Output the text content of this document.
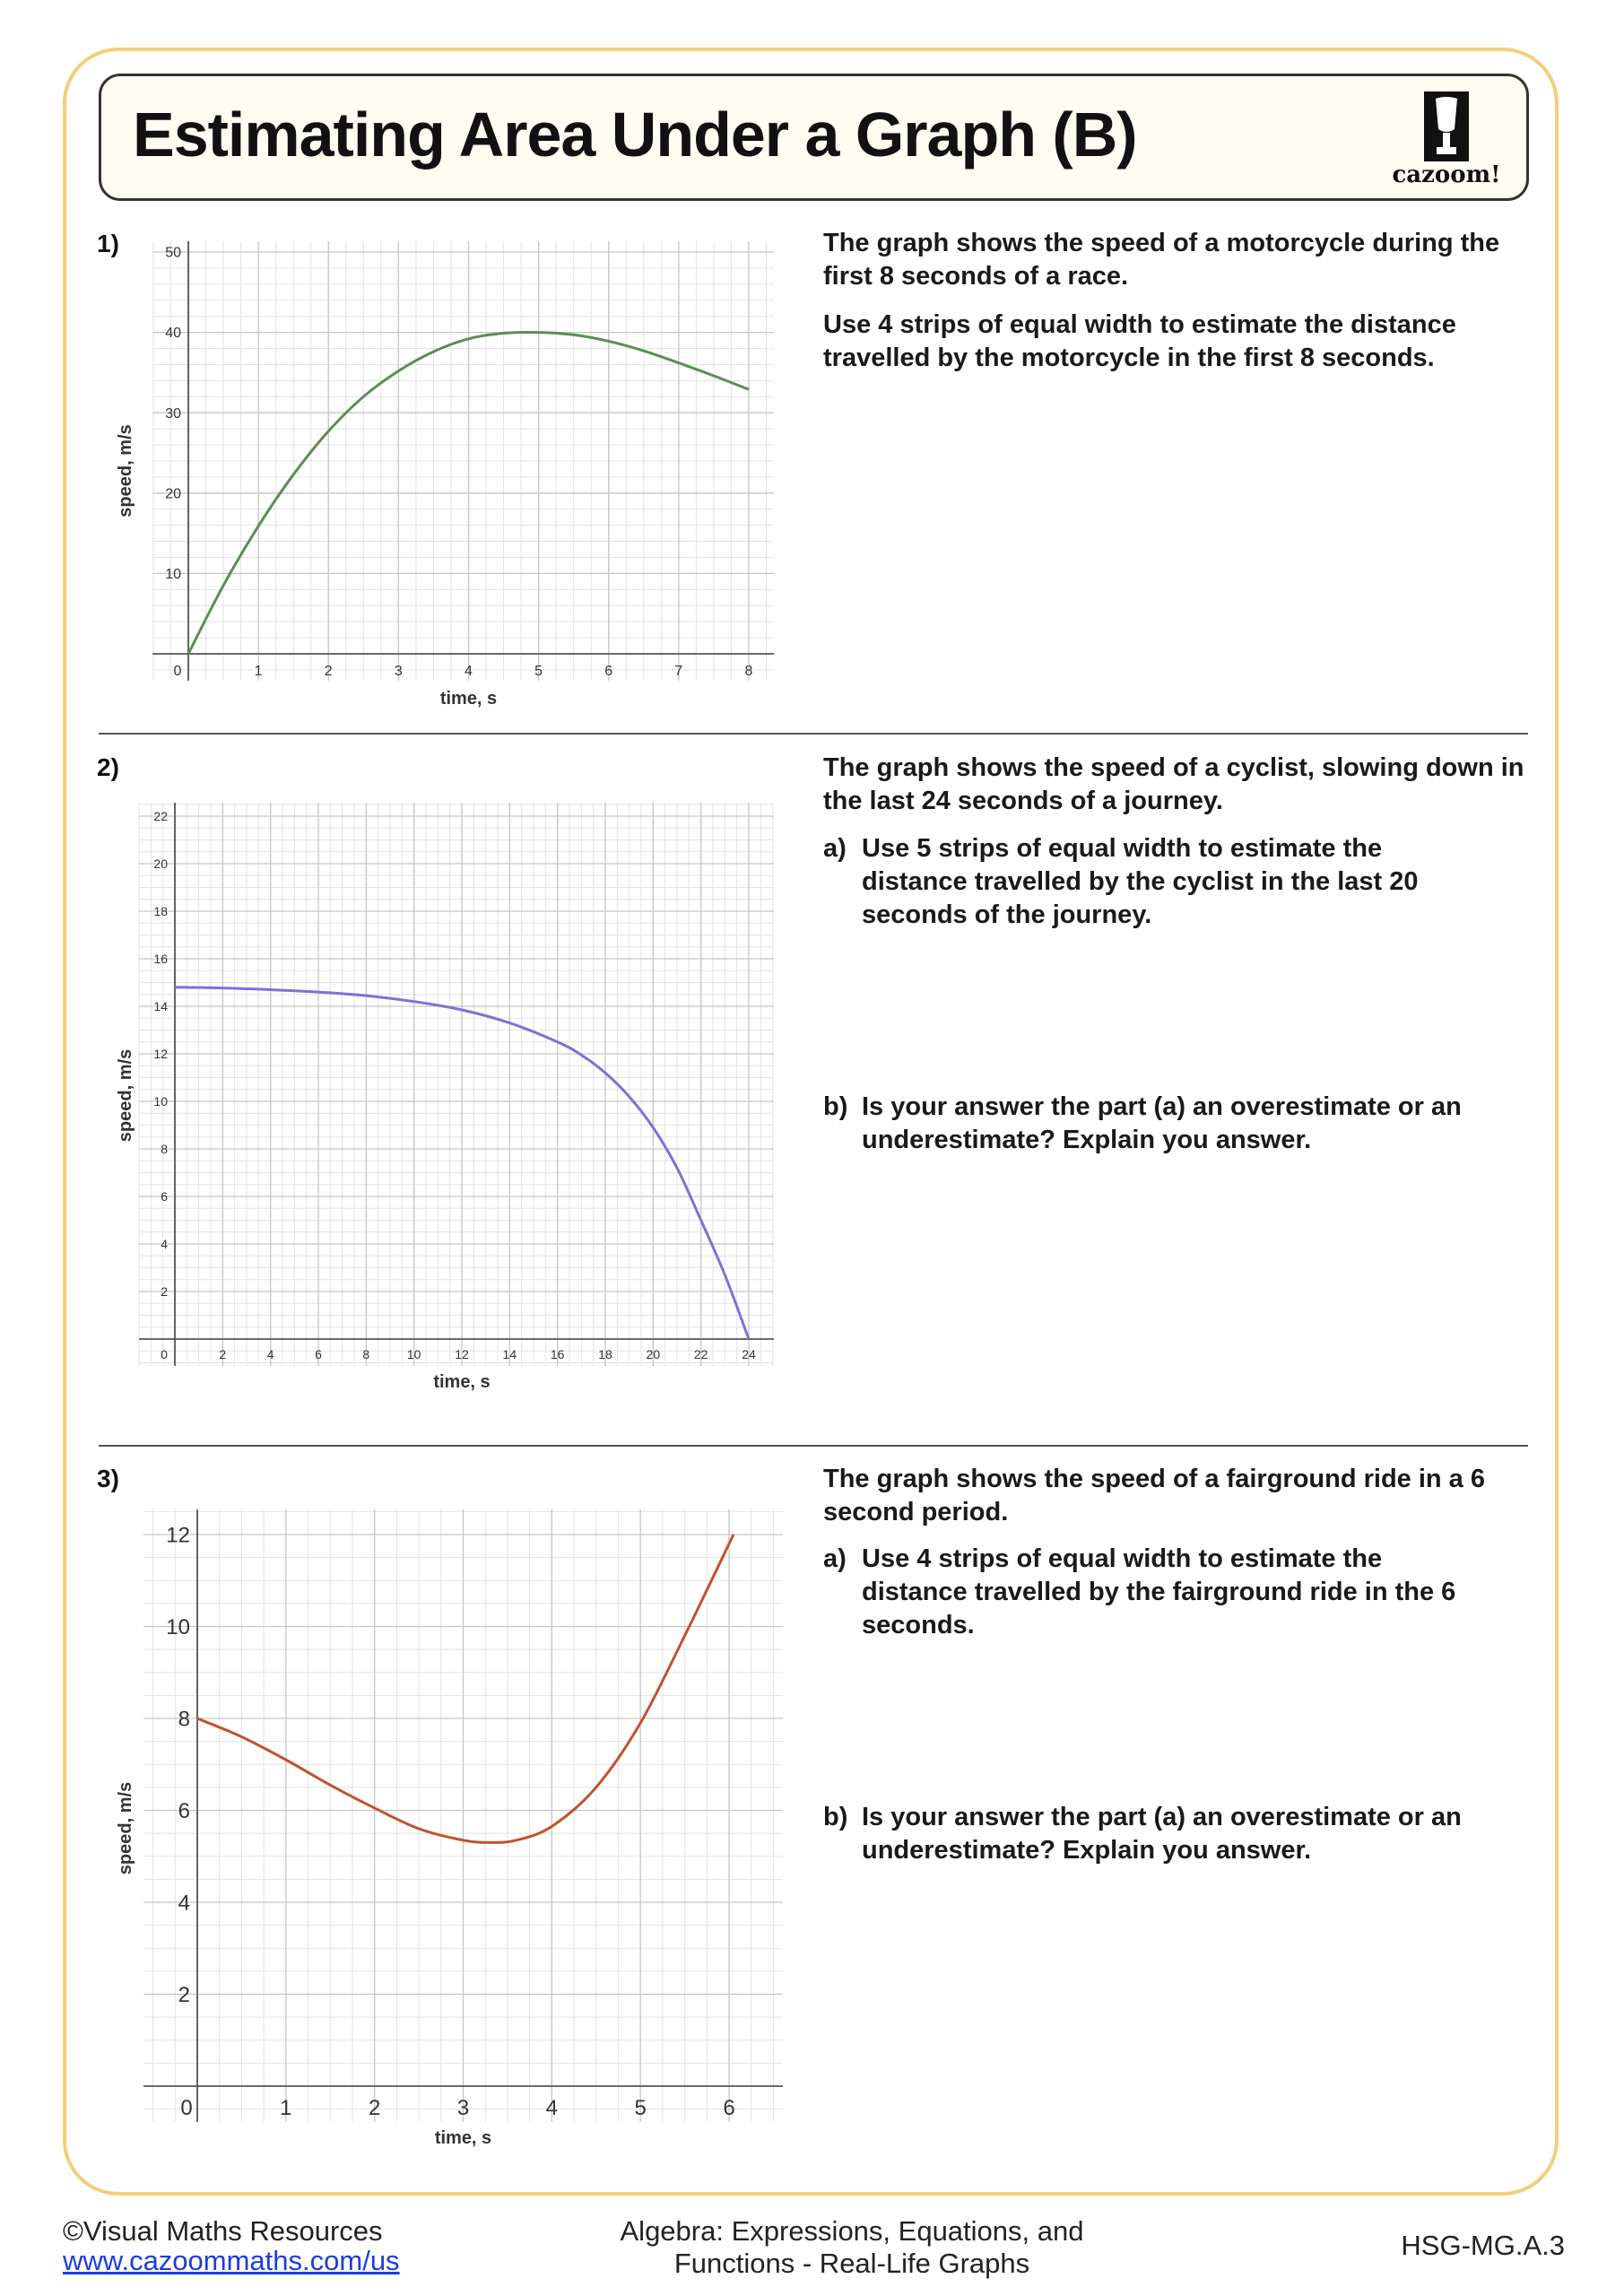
Estimating Area Under a Graph (B)
cazoom!
1)
0	1	2	3	4	5	6	7	8
10
20
30
40
50
time, s
speed, m/s

The graph shows the speed of a motorcycle during the first 8 seconds of a race.

Use 4 strips of equal width to estimate the distance travelled by the motorcycle in the first 8 seconds.

2)
0	2	4	6	8	10	12	14	16	18	20	22	24
2
4
6
8
10
12
14
16
18
20
22
time, s
speed, m/s
The graph shows the speed of a cyclist, slowing down in the last 24 seconds of a journey.
a) Use 5 strips of equal width to estimate the distance travelled by the cyclist in the last 20 seconds of the journey.
b) Is your answer the part (a) an overestimate or an underestimate? Explain you answer.
3)
0	1	2	3	4	5	6
2
4
6
8
10
12
time, s
speed, m/s
The graph shows the speed of a fairground ride in a 6 second period.
a) Use 4 strips of equal width to estimate the distance travelled by the fairground ride in the 6 seconds.
b) Is your answer the part (a) an overestimate or an underestimate? Explain you answer.
©Visual Maths Resources
www.cazoommaths.com/us
Algebra: Expressions, Equations, and
Functions - Real-Life Graphs
HSG-MG.A.3
